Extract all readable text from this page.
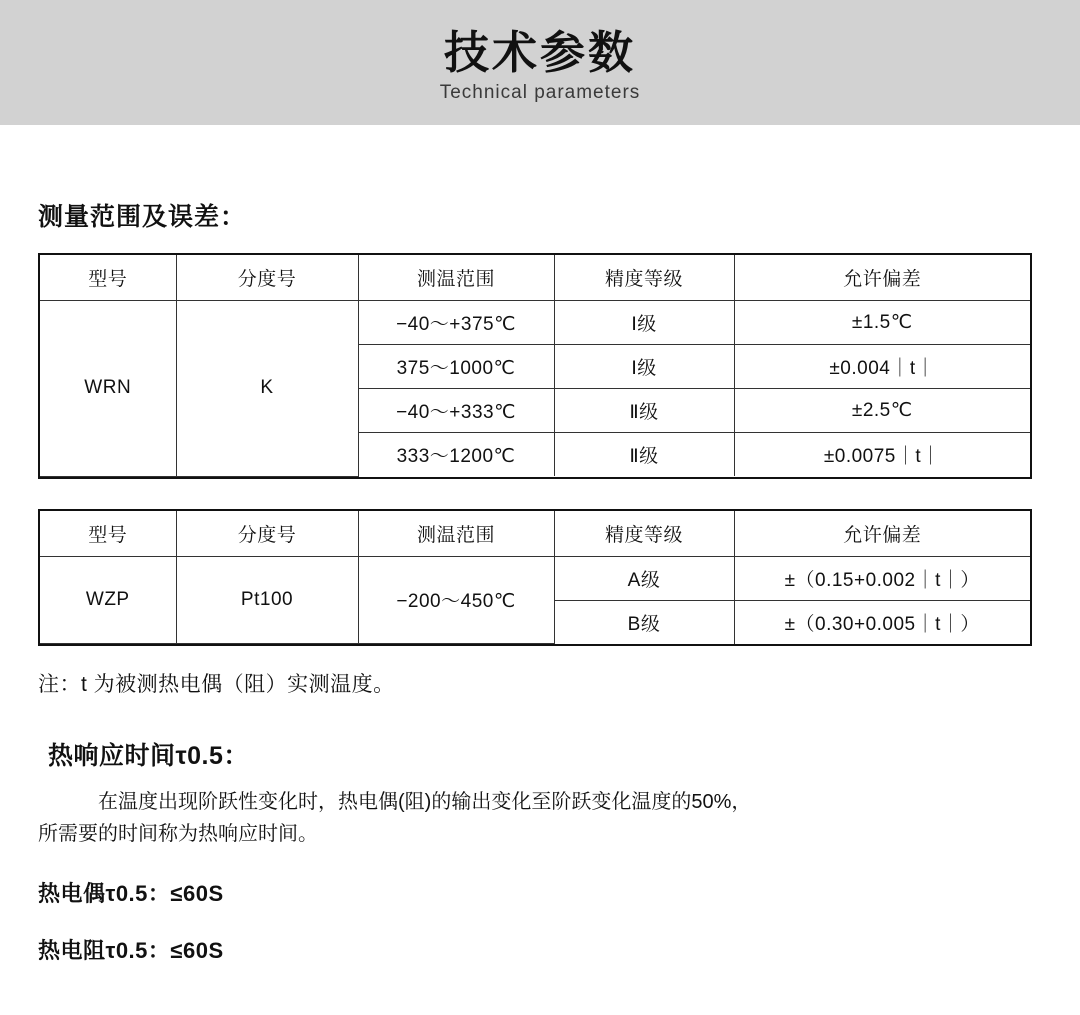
技术参数
Technical parameters
测量范围及误差：
型号	分度号	测温范围	精度等级	允许偏差
WRN	K	−40～+375℃	Ⅰ级	±1.5℃
		375～1000℃	Ⅰ级	±0.004｜t｜
		−40～+333℃	Ⅱ级	±2.5℃
		333～1200℃	Ⅱ级	±0.0075｜t｜
型号	分度号	测温范围	精度等级	允许偏差
WZP	Pt100	−200～450℃	A级	±（0.15+0.002｜t｜）
			B级	±（0.30+0.005｜t｜）
注：t 为被测热电偶（阻）实测温度。
热响应时间τ0.5：
在温度出现阶跃性变化时，热电偶(阻)的输出变化至阶跃变化温度的50%，
所需要的时间称为热响应时间。
热电偶τ0.5：≤60S
热电阻τ0.5：≤60S
